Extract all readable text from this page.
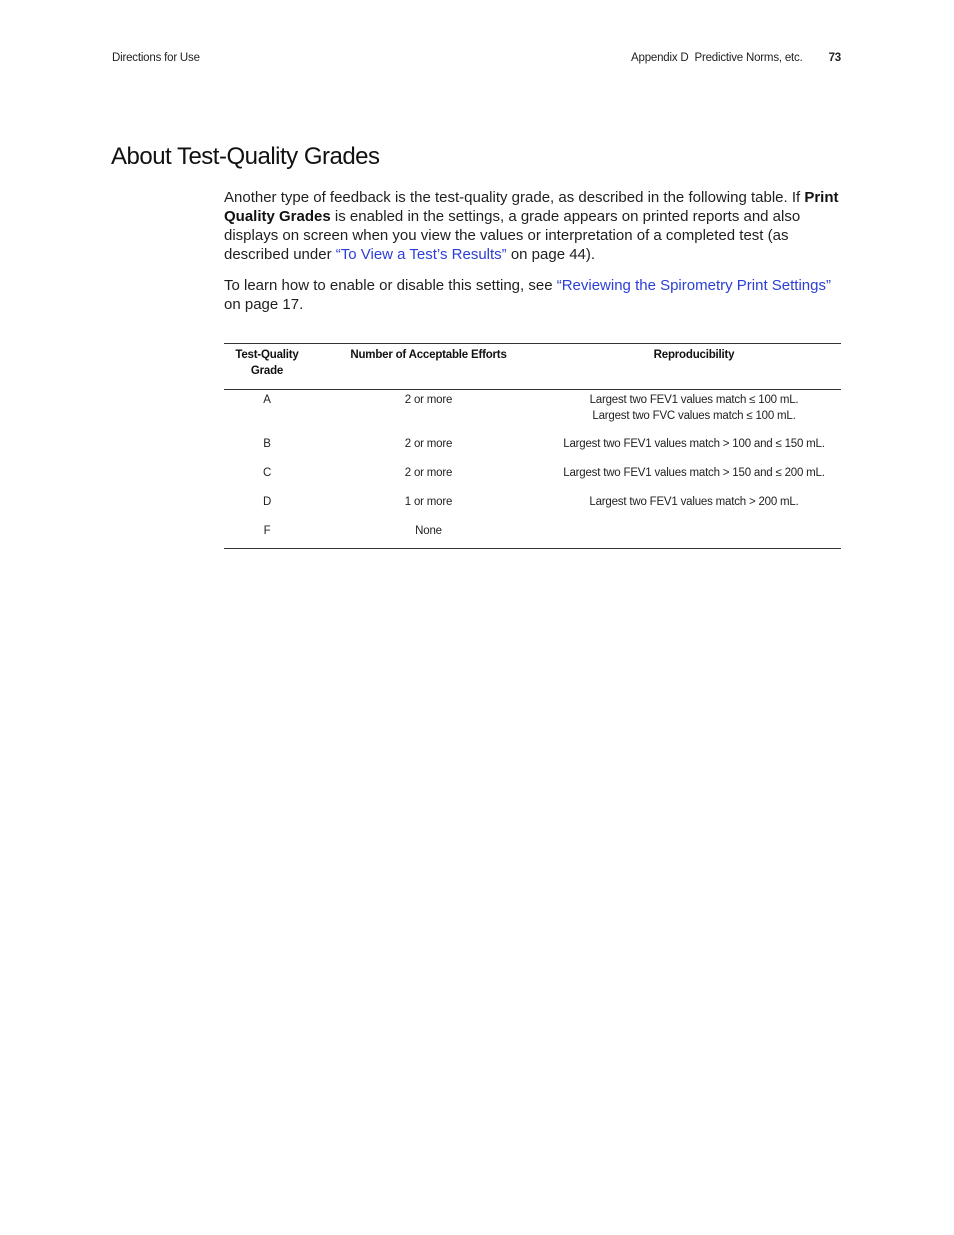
Directions for Use	Appendix D Predictive Norms, etc. 73
About Test-Quality Grades

Another type of feedback is the test-quality grade, as described in the following table. If Print Quality Grades is enabled in the settings, a grade appears on printed reports and also displays on screen when you view the values or interpretation of a completed test (as described under “To View a Test’s Results” on page 44).

To learn how to enable or disable this setting, see “Reviewing the Spirometry Print Settings” on page 17.

Test-Quality
Grade	Number of Acceptable Efforts	Reproducibility
A	2 or more	Largest two FEV1 values match ≤ 100 mL.
Largest two FVC values match ≤ 100 mL.

B	2 or more	Largest two FEV1 values match > 100 and ≤ 150 mL.
C	2 or more	Largest two FEV1 values match > 150 and ≤ 200 mL.
D	1 or more	Largest two FEV1 values match > 200 mL.
F	None	
